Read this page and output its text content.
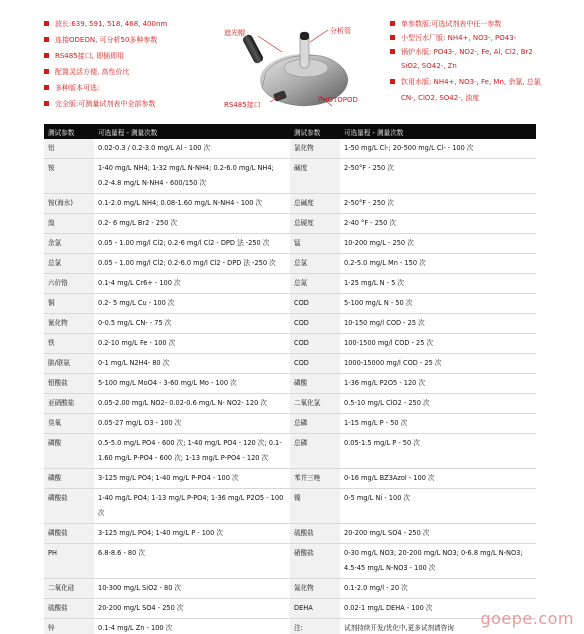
波长:639, 591, 518, 468, 400nm
连接ODEON, 可分析50多种参数
RS485接口, 即插即用
配置灵活方便, 高性价比
多种版本可选:
完全版:可测量试剂表中全部参数
遮光帽	分析管
RS485接口
PHOTOPOD
单参数版:可选试剂表中任一参数
小型污水厂版: NH4+, NO3-, PO43-
锅炉水版: PO43-, NO2-, Fe, Al, Cl2, Br2
SiO2, SO42-, Zn
饮用水版: NH4+, NO3-, Fe, Mn, 余氯, 总氯
CN-, ClO2, SO42-, 浊度
测试参数	可选量程 - 测量次数	测试参数	可选量程 - 测量次数
铝	0.02-0.3 / 0.2-3.0 mg/L Al - 100 次	氯化物	1-50 mg/L Cl-; 20-500 mg/L Cl- - 100 次
铵	1-40 mg/L NH4; 1-32 mg/L N-NH4; 0.2-6.0 mg/L NH4; 0.2-4.8 mg/L N-NH4 - 600/150 次	碱度	2-50°F - 250 次
铵(海水)	0.1-2.0 mg/L NH4; 0.08-1.60 mg/L N-NH4 - 100 次	总碱度	2-50°F - 250 次
溴	0.2- 6 mg/L Br2 - 250 次	总硬度	2-40 °F - 250 次
余氯	0.05 - 1.00 mg/l Cl2; 0.2-6 mg/l Cl2 - DPD 法 -250 次	锰	10-200 mg/L - 250 次
总氯	0.05 - 1.00 mg/l Cl2; 0.2-6.0 mg/l Cl2 - DPD 法 -250 次	总氯	0.2-5.0 mg/L Mn - 150 次
六价铬	0.1-4 mg/L Cr6+ - 100 次	总氮	1-25 mg/L N - 5 次
铜	0.2- 5 mg/L Cu - 100 次	COD	5-100 mg/L N - 50 次
氰化物	0-0.5 mg/L CN- - 75 次	COD	10-150 mg/l COD - 25 次
铁	0.2-10 mg/L Fe - 100 次	COD	100-1500 mg/l COD - 25 次
肼/联氨	0-1 mg/L N2H4- 80 次	COD	1000-15000 mg/l COD - 25 次
钼酸盐	5-100 mg/L MoO4 - 3-60 mg/L Mo - 100 次	磷酸	1-36 mg/L P2O5 - 120 次
亚硝酸盐	0.05-2.00 mg/L NO2- 0.02-0.6 mg/L N- NO2- 120 次	二氧化氯	0.5-10 mg/L ClO2 - 250 次
臭氧	0.05-27 mg/L O3 - 100 次	总磷	1-15 mg/L P - 50 次
磷酸	0.5-5.0 mg/L PO4 - 600 次; 1-40 mg/L PO4 - 120 次; 0.1-1.60 mg/L P-PO4 - 600 次; 1-13 mg/L P-PO4 - 120 次	总磷	0.05-1.5 mg/L P - 50 次
磷酸	3-125 mg/L PO4; 1-40 mg/L P-PO4 - 100 次	苯并三唑	0-16 mg/L BZ3Azol - 100 次
磷酸盐	1-40 mg/L PO4; 1-13 mg/L P-PO4; 1-36 mg/L P2O5 - 100 次	镍	0-5 mg/L Ni - 100 次
磷酸盐	3-125 mg/L PO4; 1-40 mg/L P - 100 次	硫酸盐	20-200 mg/L SO4 - 250 次
PH	6.8-8.6 - 80 次	硝酸盐	0-30 mg/L NO3; 20-200 mg/L NO3; 0-6.8 mg/L N-NO3; 4.5-45 mg/L N-NO3 - 100 次
二氧化硅	10-300 mg/L SiO2 - 80 次	氟化物	0.1-2.0 mg/l - 20 次
硫酸盐	20-200 mg/L SO4 - 250 次	DEHA	0.02-1 mg/L DEHA - 100 次
锌	0.1-4 mg/L Zn - 100 次	注:	试剂持续开发/优化中,更多试剂请咨询 goepe.com
